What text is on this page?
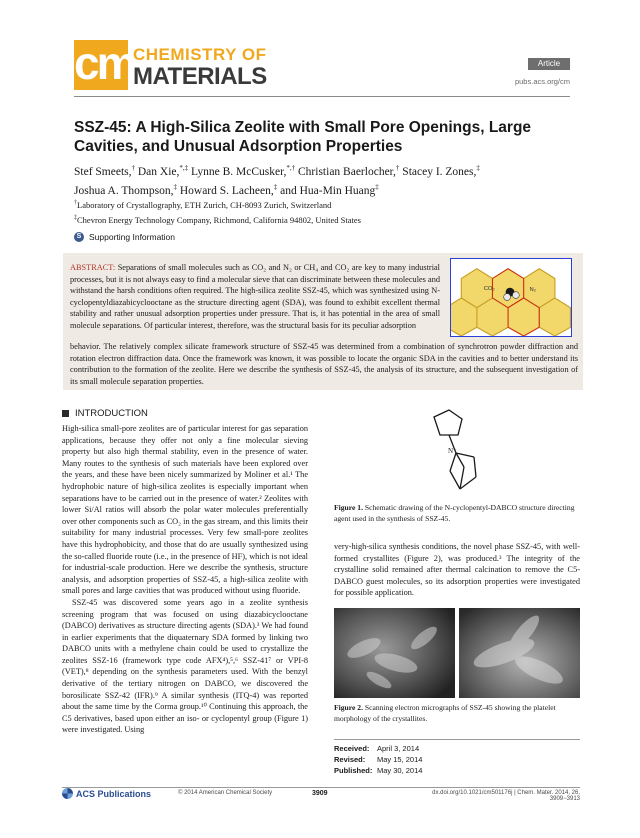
cm
CHEMISTRY OF
MATERIALS	Article
pubs.acs.org/cm
SSZ-45: A High-Silica Zeolite with Small Pore Openings, Large Cavities, and Unusual Adsorption Properties
Stef Smeets,† Dan Xie,*,‡ Lynne B. McCusker,*,† Christian Baerlocher,† Stacey I. Zones,‡
Joshua A. Thompson,‡ Howard S. Lacheen,‡ and Hua-Min Huang‡
†Laboratory of Crystallography, ETH Zurich, CH-8093 Zurich, Switzerland
‡Chevron Energy Technology Company, Richmond, California 94802, United States
S Supporting Information
ABSTRACT: Separations of small molecules such as CO₂ and N₂ or CH₄ and CO₂ are key to many industrial processes, but it is not always easy to find a molecular sieve that can discriminate between these molecules and withstand the harsh conditions often required. The high-silica zeolite SSZ-45, which was synthesized using N-cyclopentyldiazabicyclooctane as the structure directing agent (SDA), was found to exhibit excellent thermal stability and rather unusual adsorption properties under pressure. That is, it has potential in the area of small molecule separations. Of particular interest, therefore, was the structural basis for its peculiar adsorption
behavior. The relatively complex silicate framework structure of SSZ-45 was determined from a combination of synchrotron powder diffraction and rotation electron diffraction data. Once the framework was known, it was possible to locate the organic SDA in the cavities and to better understand its contribution to the formation of the zeolite. Here we describe the synthesis of SSZ-45, the analysis of its structure, and the subsequent investigation of its small molecule separation properties.
CO₂	N₂
INTRODUCTION

High-silica small-pore zeolites are of particular interest for gas separation applications, because they offer not only a fine molecular sieving property but also high thermal stability, even in the presence of water. Many routes to the synthesis of such materials have been explored over the years, and these have been nicely summarized by Moliner et al.¹ The hydrophobic nature of high-silica zeolites is especially important when separations have to be carried out in the presence of water.² Zeolites with lower Si/Al ratios will absorb the polar water molecules preferentially over other components such as CO₂ in the gas stream, and this limits their suitability for many industrial processes. Very few small-pore zeolites have this hydrophobicity, and those that do are usually synthesized using the so-called fluoride route (i.e., in the presence of HF), which is not ideal for industrial-scale production. Here we describe the synthesis, structure analysis, and adsorption properties of SSZ-45, a high-silica zeolite with small pores and large cavities that was produced without using fluoride.

SSZ-45 was discovered some years ago in a zeolite synthesis screening program that was focused on using diazabicyclooctane (DABCO) derivatives as structure directing agents (SDA).³ We had found in earlier experiments that the diquaternary SDA formed by linking two DABCO units with a methylene chain could be used to crystallize the zeolites SSZ-16 (framework type code AFX⁴),⁵,⁶ SSZ-41⁷ or VPI-8 (VET),⁸ depending on the synthesis parameters used. With the benzyl derivative of the tertiary nitrogen on DABCO, we discovered the borosilicate SSZ-42 (IFR).⁹ A similar synthesis (ITQ-4) was reported about the same time by the Corma group.¹⁰ Continuing this approach, the C5 derivatives, based upon either an iso- or cyclopentyl group (Figure 1) were investigated. Using

N⁺
Figure 1. Schematic drawing of the N-cyclopentyl-DABCO structure directing agent used in the synthesis of SSZ-45.
very-high-silica synthesis conditions, the novel phase SSZ-45, with well-formed crystallites (Figure 2), was produced.³ The integrity of the crystalline solid remained after thermal calcination to remove the C5-DABCO guest molecules, so its adsorption properties were investigated for possible application.
Figure 2. Scanning electron micrographs of SSZ-45 showing the platelet morphology of the crystallites.
Received: April 3, 2014
Revised: May 15, 2014
Published: May 30, 2014
ACS Publications	© 2014 American Chemical Society	3909	dx.doi.org/10.1021/cm501176j | Chem. Mater. 2014, 26, 3909−3913
